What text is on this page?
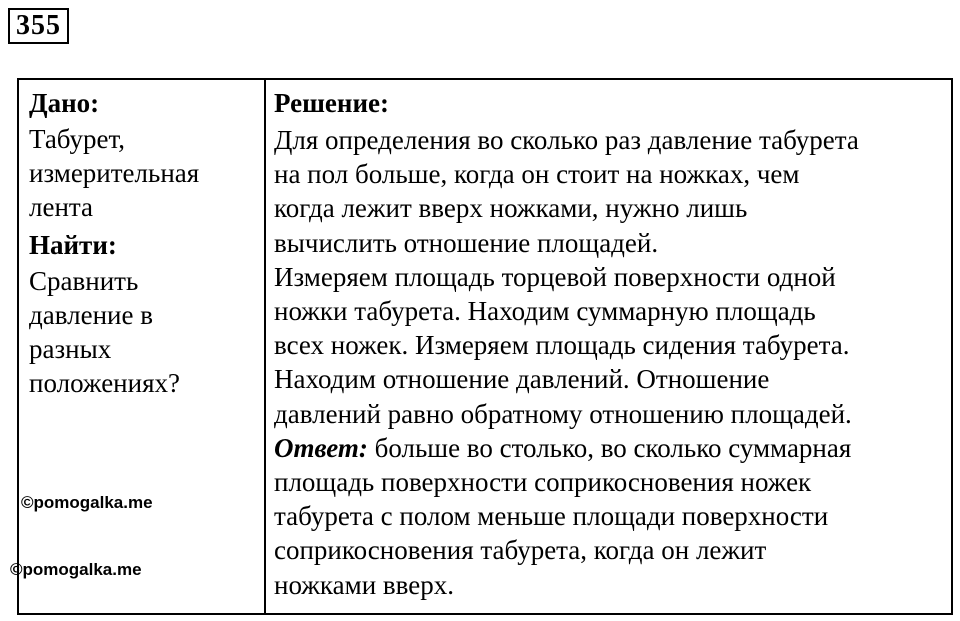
355
Дано:
Табурет,
измерительная
лента
Найти:
Сравнить
давление в
разных
положениях?
Решение:
Для определения во сколько раз давление табурета
на пол больше, когда он стоит на ножках, чем
когда лежит вверх ножками, нужно лишь
вычислить отношение площадей.
Измеряем площадь торцевой поверхности одной
ножки табурета. Находим суммарную площадь
всех ножек. Измеряем площадь сидения табурета.
Находим отношение давлений. Отношение
давлений равно обратному отношению площадей.
Ответ: больше во столько, во сколько суммарная
площадь поверхности соприкосновения ножек
табурета с полом меньше площади поверхности
соприкосновения табурета, когда он лежит
ножками вверх.
©pomogalka.me
©pomogalka.me
